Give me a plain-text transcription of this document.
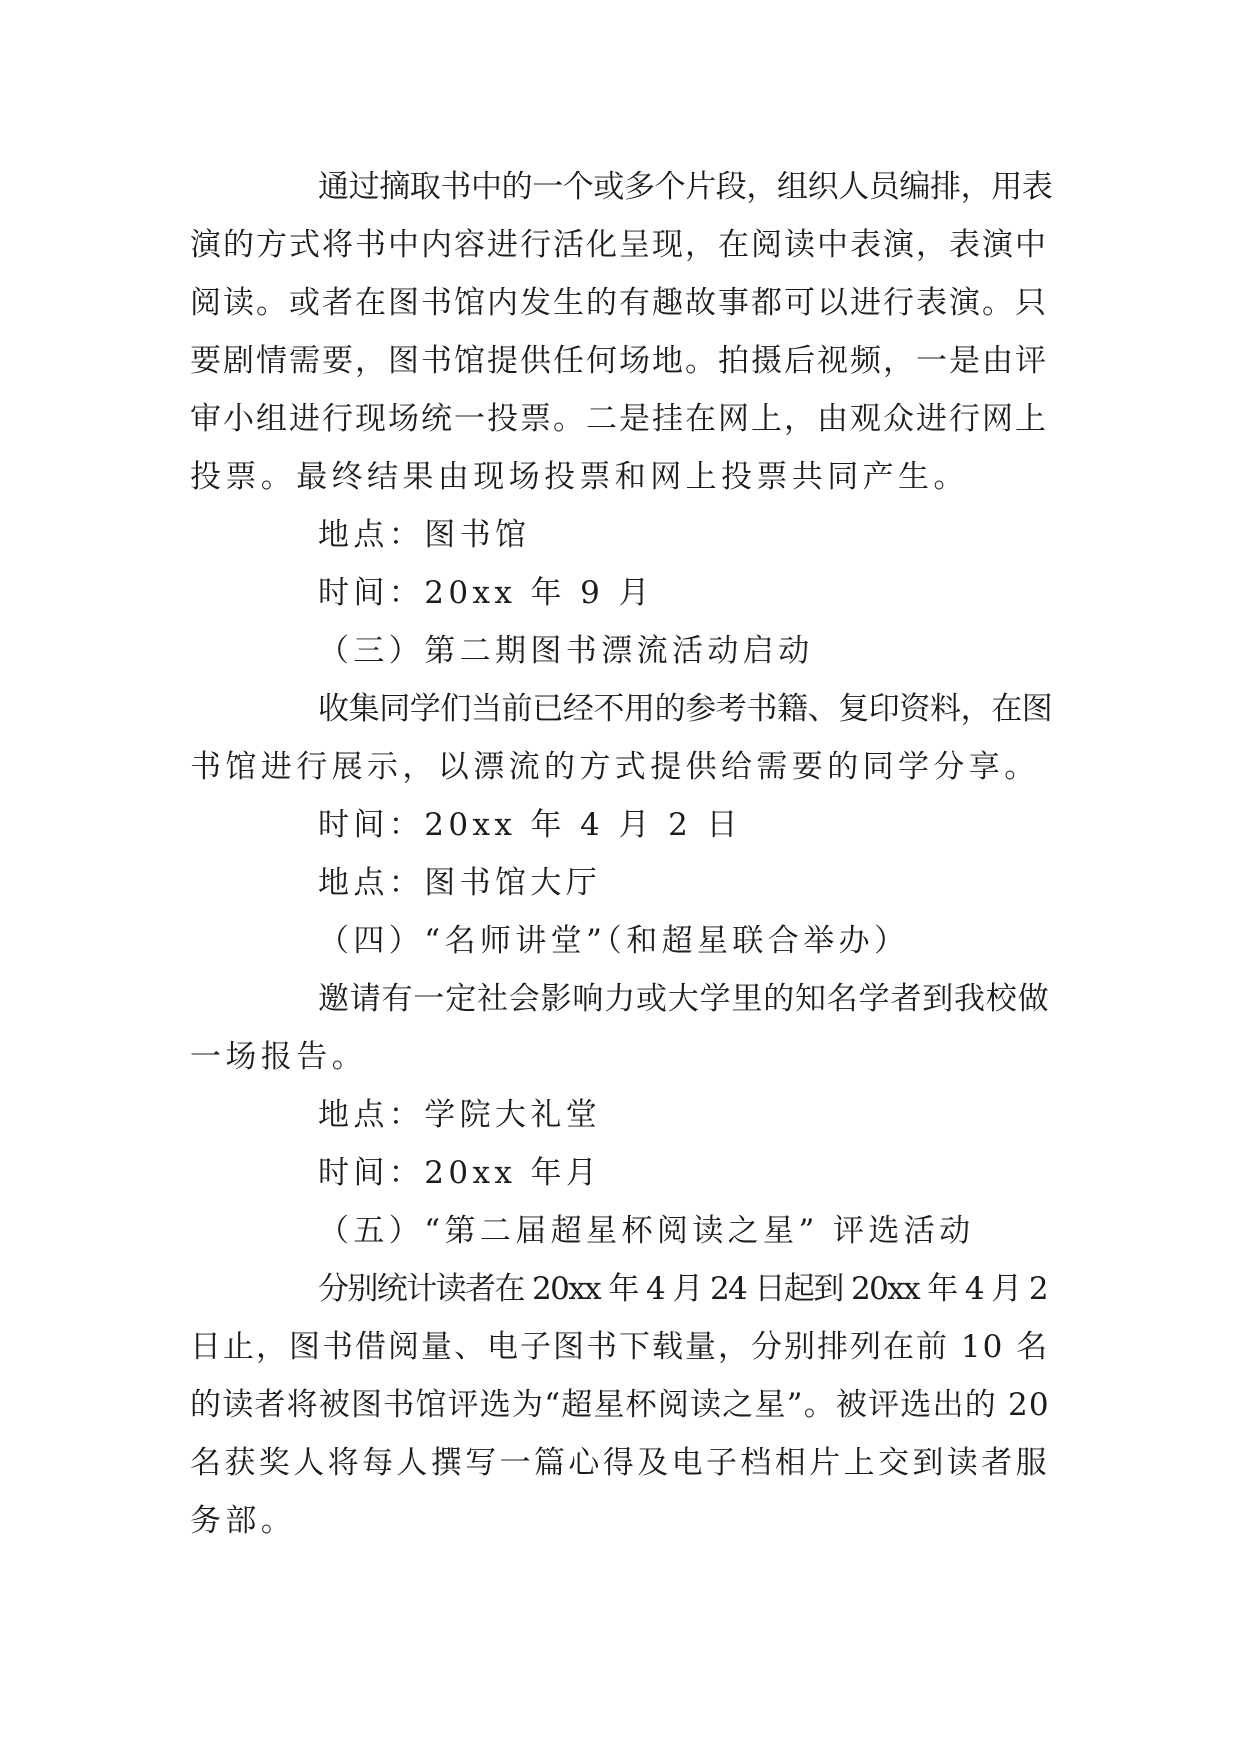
通过摘取书中的一个或多个片段，组织人员编排，用表
演的方式将书中内容进行活化呈现，在阅读中表演，表演中
阅读。或者在图书馆内发生的有趣故事都可以进行表演。只
要剧情需要，图书馆提供任何场地。拍摄后视频，一是由评
审小组进行现场统一投票。二是挂在网上，由观众进行网上
投票。最终结果由现场投票和网上投票共同产生。
地点：图书馆
时间：20xx 年 9 月
（三）第二期图书漂流活动启动
收集同学们当前已经不用的参考书籍、复印资料，在图
书馆进行展示，以漂流的方式提供给需要的同学分享。
时间：20xx 年 4 月 2 日
地点：图书馆大厅
（四）“名师讲堂”（和超星联合举办）
邀请有一定社会影响力或大学里的知名学者到我校做
一场报告。
地点：学院大礼堂
时间：20xx 年月
（五）“第二届超星杯阅读之星” 评选活动
分别统计读者在 20xx 年 4 月 24 日起到 20xx 年 4 月 2
日止，图书借阅量、电子图书下载量，分别排列在前 10 名
的读者将被图书馆评选为“超星杯阅读之星”。被评选出的 20
名获奖人将每人撰写一篇心得及电子档相片上交到读者服
务部。
